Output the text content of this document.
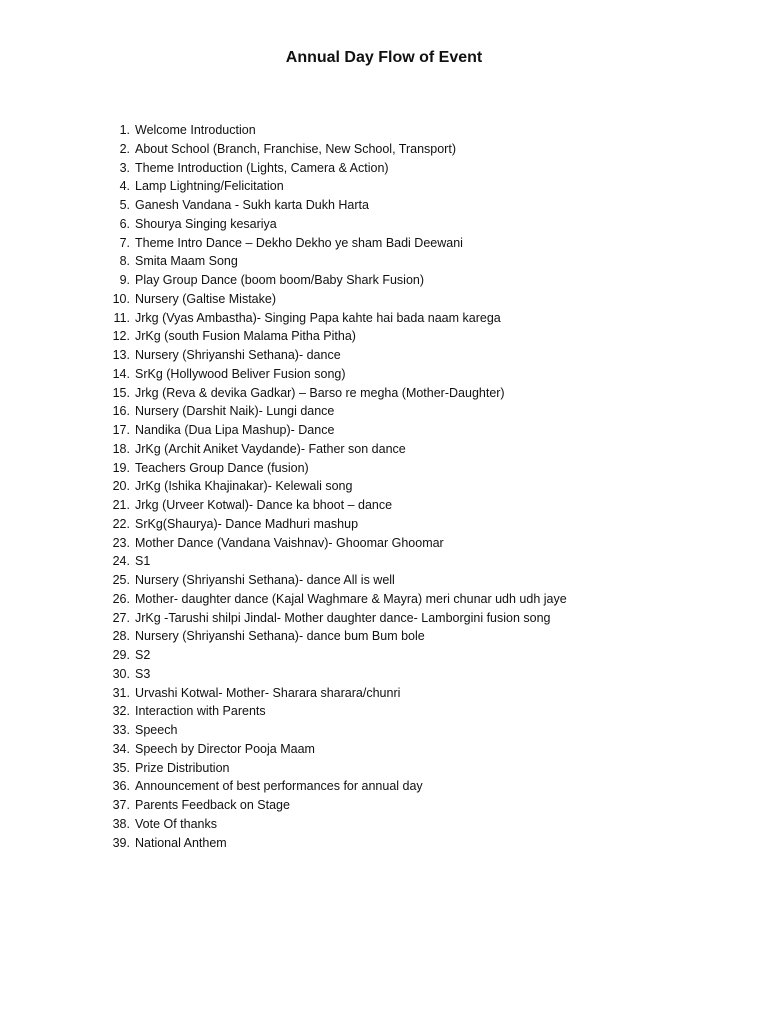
Annual Day Flow of Event
1. Welcome Introduction
2. About School (Branch, Franchise, New School, Transport)
3. Theme Introduction (Lights, Camera & Action)
4. Lamp Lightning/Felicitation
5. Ganesh Vandana - Sukh karta Dukh Harta
6. Shourya Singing kesariya
7. Theme Intro Dance – Dekho Dekho ye sham Badi Deewani
8. Smita Maam Song
9. Play Group Dance (boom boom/Baby Shark Fusion)
10. Nursery (Galtise Mistake)
11. Jrkg (Vyas Ambastha)- Singing Papa kahte hai bada naam karega
12. JrKg (south Fusion Malama Pitha Pitha)
13. Nursery (Shriyanshi Sethana)- dance
14. SrKg (Hollywood Beliver Fusion song)
15. Jrkg (Reva & devika Gadkar) – Barso re megha (Mother-Daughter)
16. Nursery (Darshit Naik)- Lungi dance
17. Nandika (Dua Lipa Mashup)- Dance
18. JrKg (Archit Aniket Vaydande)- Father son dance
19. Teachers Group Dance (fusion)
20. JrKg (Ishika Khajinakar)- Kelewali song
21. Jrkg (Urveer Kotwal)- Dance ka bhoot – dance
22. SrKg(Shaurya)- Dance Madhuri mashup
23. Mother Dance (Vandana Vaishnav)- Ghoomar Ghoomar
24. S1
25. Nursery (Shriyanshi Sethana)- dance All is well
26. Mother- daughter dance (Kajal Waghmare & Mayra) meri chunar udh udh jaye
27. JrKg -Tarushi shilpi Jindal- Mother daughter dance- Lamborgini fusion song
28. Nursery (Shriyanshi Sethana)- dance bum Bum bole
29. S2
30. S3
31. Urvashi Kotwal- Mother- Sharara sharara/chunri
32. Interaction with Parents
33. Speech
34. Speech by Director Pooja Maam
35. Prize Distribution
36. Announcement of best performances for annual day
37. Parents Feedback on Stage
38. Vote Of thanks
39. National Anthem
